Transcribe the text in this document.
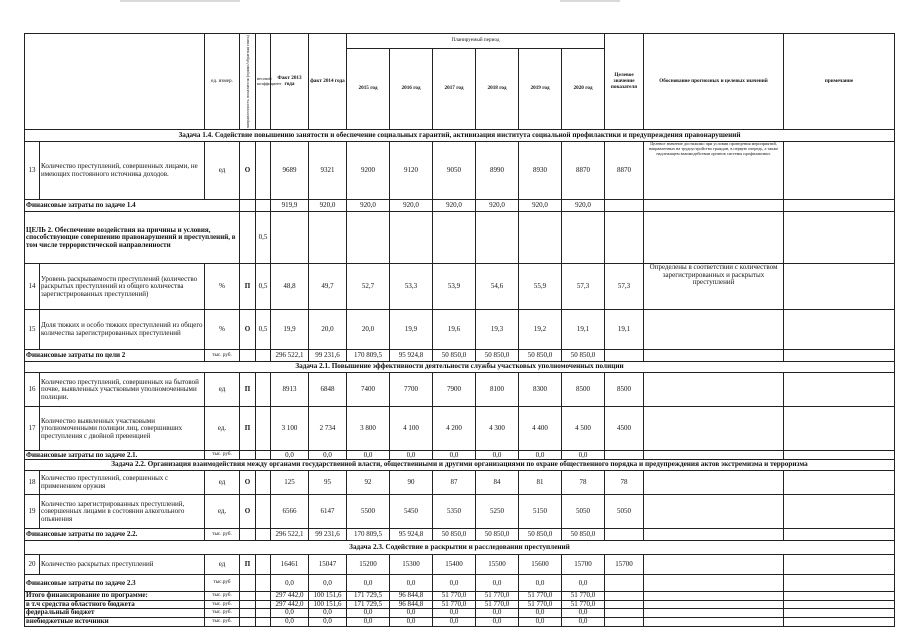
		ед. измер.	направленность показателя (прямо/обратная связь)	весовой коэффициент	Факт 2013 года	факт 2014 года	Планируемый период						Целевое значение показателя	Обоснование прогнозных и целевых значений	примечание
							2015 год	2016 год	2017 год	2018 год	2019 год	2020 год			
Задача 1.4. Содействие повышению занятости и обеспечение социальных гарантий, активизация института социальной профилактики и предупреждения правонарушений															
13	Количество преступлений, совершенных лицами, не имеющих постоянного источника доходов.	ед	О		9689	9321	9200	9120	9050	8990	8930	8870	8870	Целевое значение достижимо при условии проведения мероприятий, направленных на трудоустройство граждан, в первую очередь, а также надлежащем взаимодействии органов системы профилактики.	
Финансовые затраты по задаче 1.4					919,9	920,0	920,0	920,0	920,0	920,0	920,0	920,0			
ЦЕЛЬ 2. Обеспечение воздействия на причины и условия, способствующие совершению правонарушений и преступлений, в том числе террористической направленности				0,5											
14	Уровень раскрываемости преступлений (количество раскрытых преступлений из общего количества зарегистрированных преступлений)	%	П	0,5	48,8	49,7	52,7	53,3	53,9	54,6	55,9	57,3	57,3	Определены в соответствии с количеством зарегистрированных и раскрытых преступлений	
15	Доля тяжких и особо тяжких преступлений из общего количества зарегистрированных преступлений	%	О	0,5	19,9	20,0	20,0	19,9	19,6	19,3	19,2	19,1	19,1		
Финансовые затраты по цели 2		тыс. руб.			296 522,1	99 231,6	170 809,5	95 924,8	50 850,0	50 850,0	50 850,0	50 850,0			
Задача 2.1. Повышение эффективности деятельности службы участковых уполномоченных полиции															
16	Количество преступлений, совершенных на бытовой почве, выявленных участковыми уполномоченными полиции.	ед	П		8913	6848	7400	7700	7900	8100	8300	8500	8500		
17	Количество выявленных участковыми уполномоченными полиции лиц, совершивших преступления с двойной превенцией	ед.	П		3 100	2 734	3 800	4 100	4 200	4 300	4 400	4 500	4500		
Финансовые затраты по задаче 2.1.		тыс. руб.			0,0	0,0	0,0	0,0	0,0	0,0	0,0	0,0			
Задача 2.2. Организация взаимодействия между органами государственной власти, общественными и другими организациями по охране общественного порядка и предупреждения актов экстремизма и терроризма															
18	Количество преступлений, совершенных с применением оружия	ед	О		125	95	92	90	87	84	81	78	78		
19	Количество зарегистрированных преступлений, совершенных лицами в состоянии алкогольного опьянения	ед.	О		6566	6147	5500	5450	5350	5250	5150	5050	5050		
Финансовые затраты по задаче 2.2.		тыс. руб.			296 522,1	99 231,6	170 809,5	95 924,8	50 850,0	50 850,0	50 850,0	50 850,0			
Задача 2.3. Содействие в раскрытии и расследовании преступлений															
20	Количество раскрытых преступлений	ед	П		16461	15047	15200	15300	15400	15500	15600	15700	15700		
Финансовые затраты по задаче 2.3		тыс.руб			0,0	0,0	0,0	0,0	0,0	0,0	0,0	0,0			
Итого финансирование по программе:		тыс. руб.			297 442,0	100 151,6	171 729,5	96 844,8	51 770,0	51 770,0	51 770,0	51 770,0			
в т.ч средства областного бюджета		тыс. руб.			297 442,0	100 151,6	171 729,5	96 844,8	51 770,0	51 770,0	51 770,0	51 770,0			
федеральный бюджет		тыс. руб.			0,0	0,0	0,0	0,0	0,0	0,0	0,0	0,0			
внебюджетные источники		тыс. руб.			0,0	0,0	0,0	0,0	0,0	0,0	0,0	0,0			
